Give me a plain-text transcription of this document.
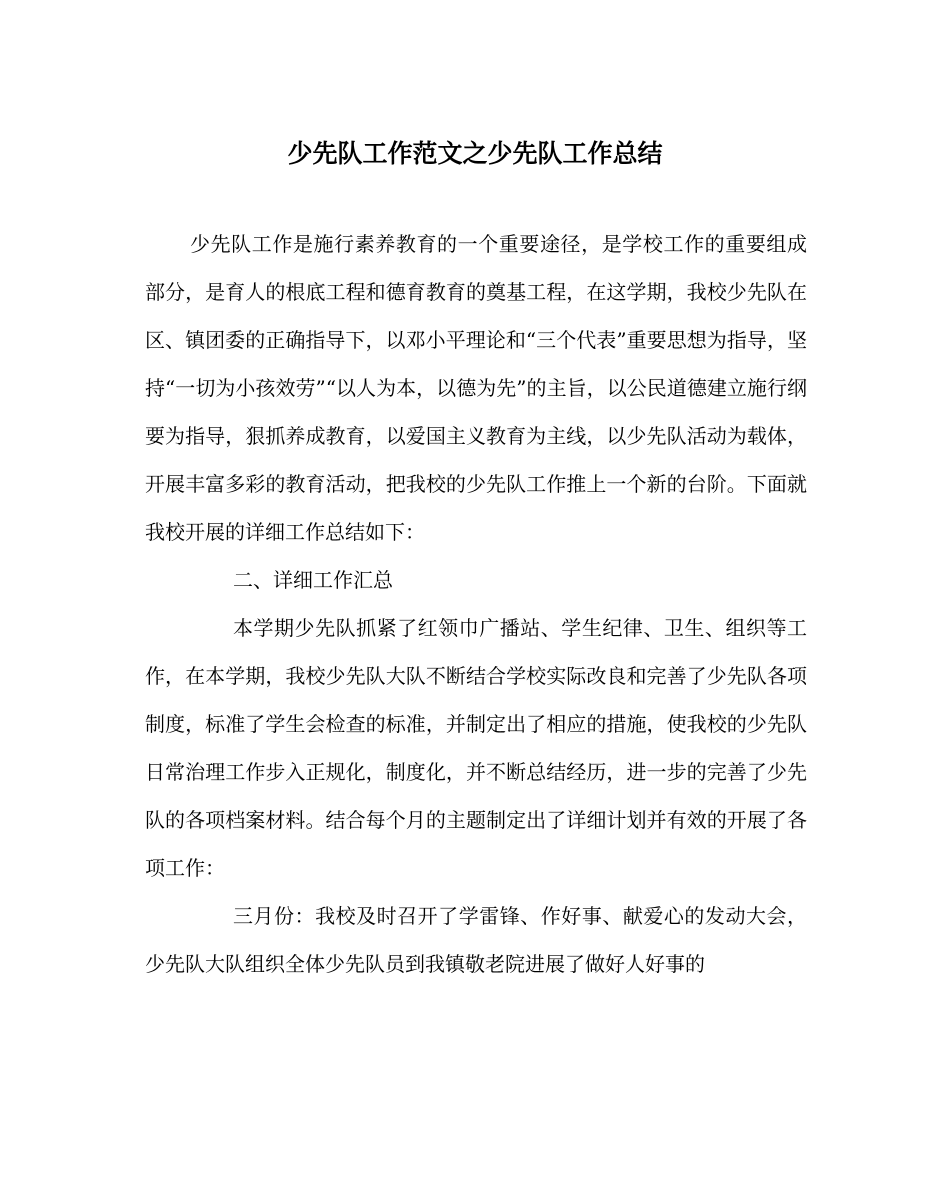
少先队工作范文之少先队工作总结

少先队工作是施行素养教育的一个重要途径，是学校工作的重要组成部分，是育人的根底工程和德育教育的奠基工程，在这学期，我校少先队在区、镇团委的正确指导下，以邓小平理论和“三个代表”重要思想为指导，坚持“一切为小孩效劳”“以人为本，以德为先”的主旨，以公民道德建立施行纲要为指导，狠抓养成教育，以爱国主义教育为主线，以少先队活动为载体，开展丰富多彩的教育活动，把我校的少先队工作推上一个新的台阶。下面就我校开展的详细工作总结如下：

二、详细工作汇总

本学期少先队抓紧了红领巾广播站、学生纪律、卫生、组织等工作，在本学期，我校少先队大队不断结合学校实际改良和完善了少先队各项制度，标准了学生会检查的标准，并制定出了相应的措施，使我校的少先队日常治理工作步入正规化，制度化，并不断总结经历，进一步的完善了少先队的各项档案材料。结合每个月的主题制定出了详细计划并有效的开展了各项工作：

三月份：我校及时召开了学雷锋、作好事、献爱心的发动大会，少先队大队组织全体少先队员到我镇敬老院进展了做好人好事的
